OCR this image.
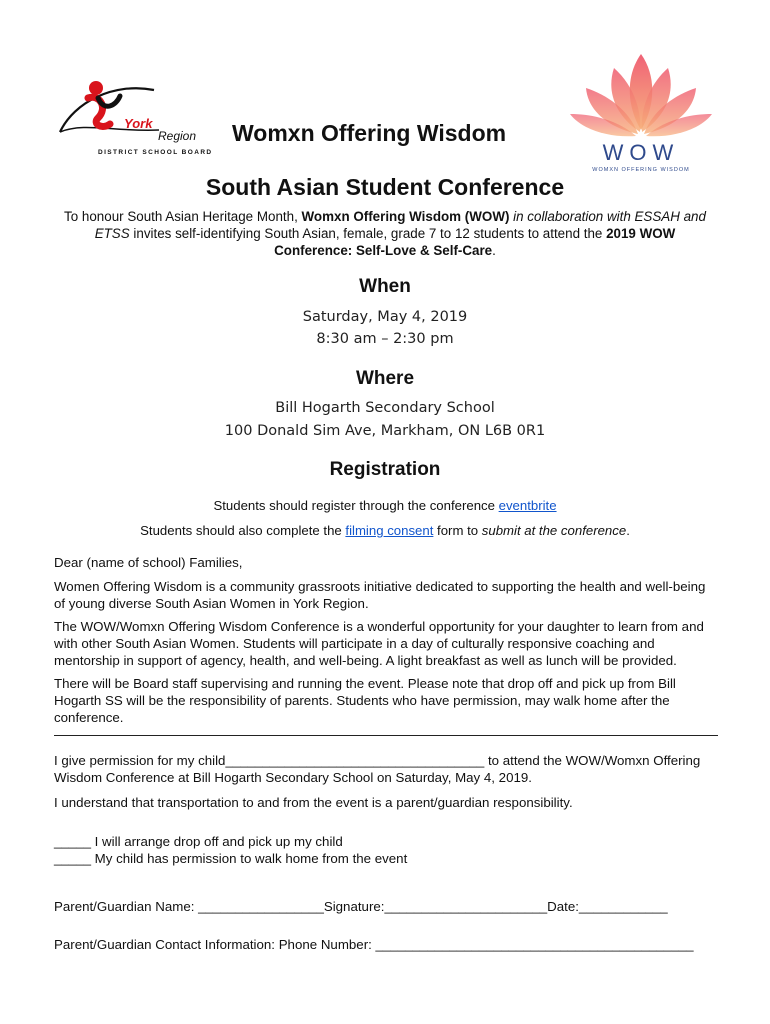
York
Region
DISTRICT SCHOOL BOARD	WOW
WOMXN OFFERING WISDOM
Womxn Offering Wisdom
South Asian Student Conference
To honour South Asian Heritage Month, Womxn Offering Wisdom (WOW) in collaboration with ESSAH and ETSS invites self-identifying South Asian, female, grade 7 to 12 students to attend the 2019 WOW Conference: Self-Love & Self-Care.
When
Saturday, May 4, 2019
8:30 am – 2:30 pm
Where
Bill Hogarth Secondary School
100 Donald Sim Ave, Markham, ON L6B 0R1
Registration
Students should register through the conference eventbrite
Students should also complete the filming consent form to submit at the conference.
Dear (name of school) Families,
Women Offering Wisdom is a community grassroots initiative dedicated to supporting the health and well-being of young diverse South Asian Women in York Region.
The WOW/Womxn Offering Wisdom Conference is a wonderful opportunity for your daughter to learn from and with other South Asian Women. Students will participate in a day of culturally responsive coaching and mentorship in support of agency, health, and well-being. A light breakfast as well as lunch will be provided.
There will be Board staff supervising and running the event. Please note that drop off and pick up from Bill Hogarth SS will be the responsibility of parents. Students who have permission, may walk home after the conference.
I give permission for my child___________________________________ to attend the WOW/Womxn Offering Wisdom Conference at Bill Hogarth Secondary School on Saturday, May 4, 2019.
I understand that transportation to and from the event is a parent/guardian responsibility.
_____ I will arrange drop off and pick up my child
_____ My child has permission to walk home from the event
Parent/Guardian Name: _________________Signature:______________________Date:____________
Parent/Guardian Contact Information: Phone Number: ___________________________________________
